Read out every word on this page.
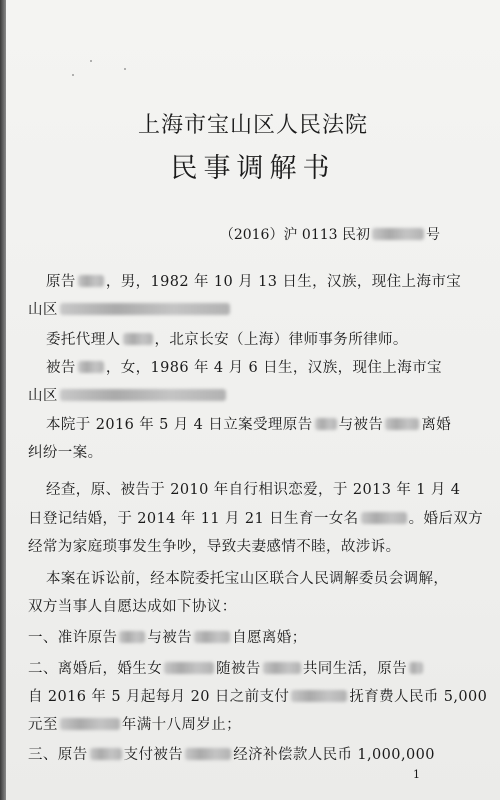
上海市宝山区人民法院
民事调解书
（2016）沪 0113 民初	号
原告 ，男，1982 年 10 月 13 日生，汉族，现住上海市宝
山区
委托代理人 ，北京长安（上海）律师事务所律师。
被告 ，女，1986 年 4 月 6 日生，汉族，现住上海市宝
山区
本院于 2016 年 5 月 4 日立案受理原告 与被告	离婚
纠纷一案。
经查，原、被告于 2010 年自行相识恋爱，于 2013 年 1 月 4
日登记结婚，于 2014 年 11 月 21 日生育一女名	。婚后双方
经常为家庭琐事发生争吵，导致夫妻感情不睦，故涉诉。
本案在诉讼前，经本院委托宝山区联合人民调解委员会调解，
双方当事人自愿达成如下协议：
一、准许原告 与被告	自愿离婚；
二、离婚后，婚生女	随被告	共同生活，原告
自 2016 年 5 月起每月 20 日之前支付	抚育费人民币 5,000
元至	年满十八周岁止；
三、原告 支付被告	经济补偿款人民币 1,000,000
1
